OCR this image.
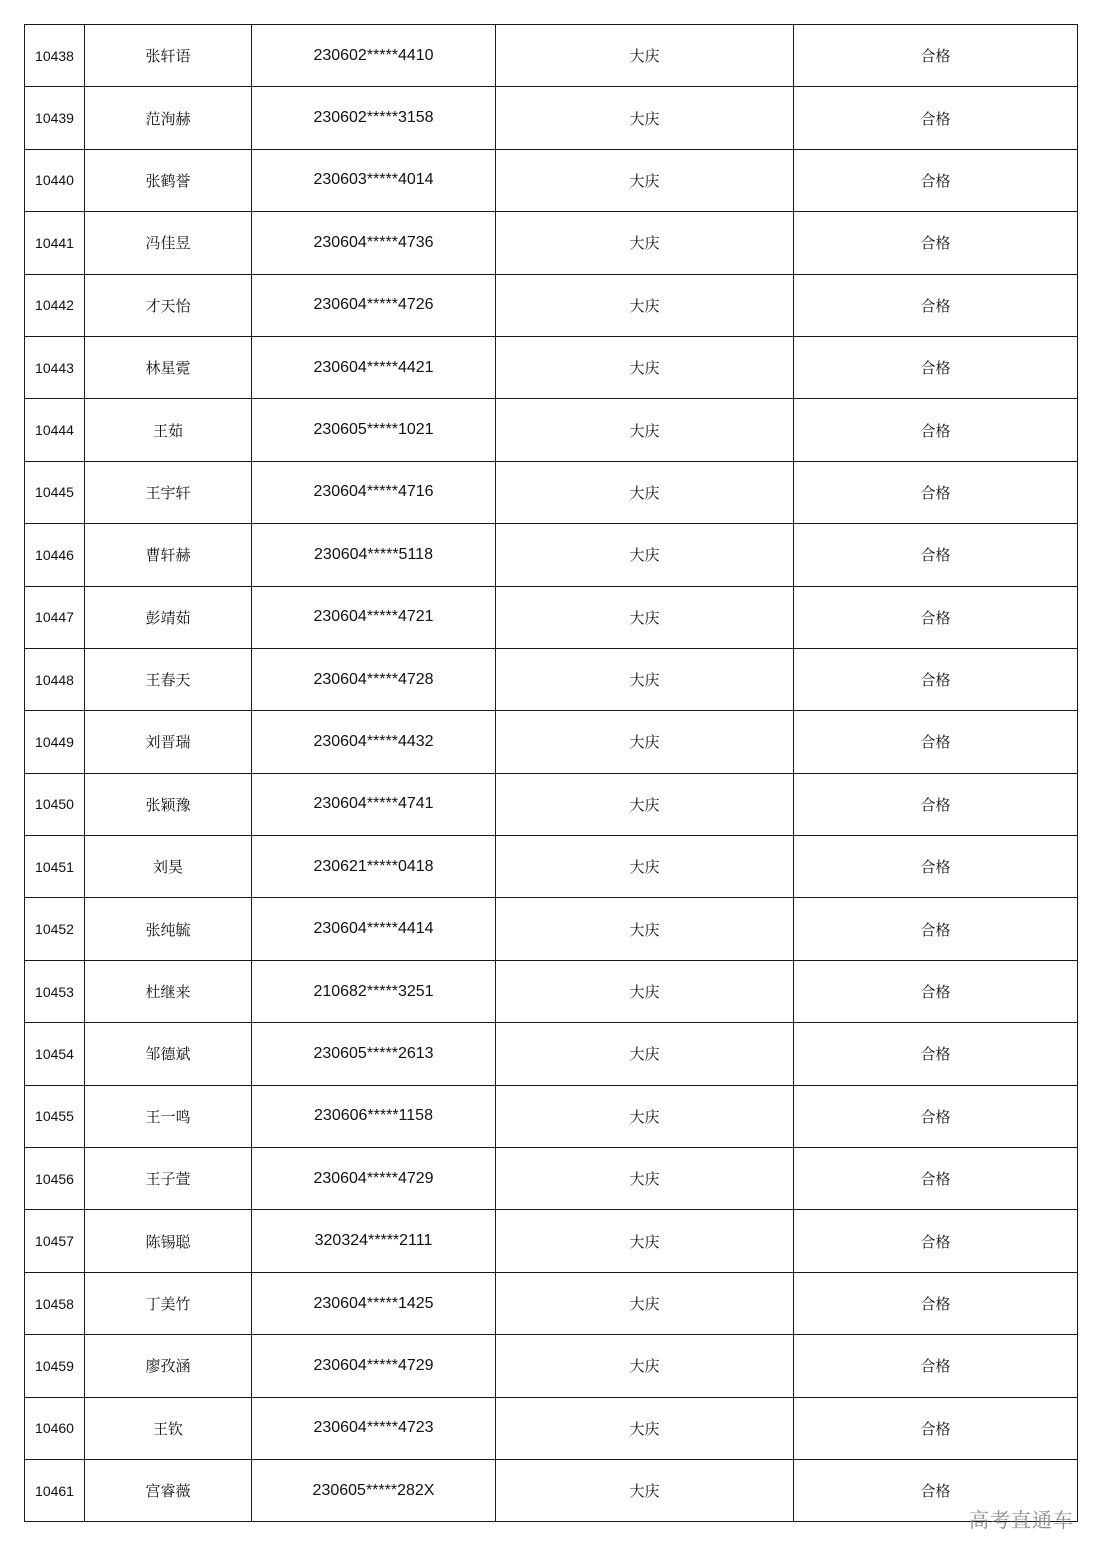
10438	张轩语	230602*****4410	大庆	合格
10439	范洵赫	230602*****3158	大庆	合格
10440	张鹤誉	230603*****4014	大庆	合格
10441	冯佳昱	230604*****4736	大庆	合格
10442	才天怡	230604*****4726	大庆	合格
10443	林星霓	230604*****4421	大庆	合格
10444	王茹	230605*****1021	大庆	合格
10445	王宇轩	230604*****4716	大庆	合格
10446	曹轩赫	230604*****5118	大庆	合格
10447	彭靖茹	230604*****4721	大庆	合格
10448	王春天	230604*****4728	大庆	合格
10449	刘晋瑞	230604*****4432	大庆	合格
10450	张颖豫	230604*****4741	大庆	合格
10451	刘昊	230621*****0418	大庆	合格
10452	张纯毓	230604*****4414	大庆	合格
10453	杜继来	210682*****3251	大庆	合格
10454	邹德斌	230605*****2613	大庆	合格
10455	王一鸣	230606*****1158	大庆	合格
10456	王子萱	230604*****4729	大庆	合格
10457	陈锡聪	320324*****2111	大庆	合格
10458	丁美竹	230604*****1425	大庆	合格
10459	廖孜涵	230604*****4729	大庆	合格
10460	王钦	230604*****4723	大庆	合格
10461	宫睿薇	230605*****282X	大庆	合格
高考直通车
